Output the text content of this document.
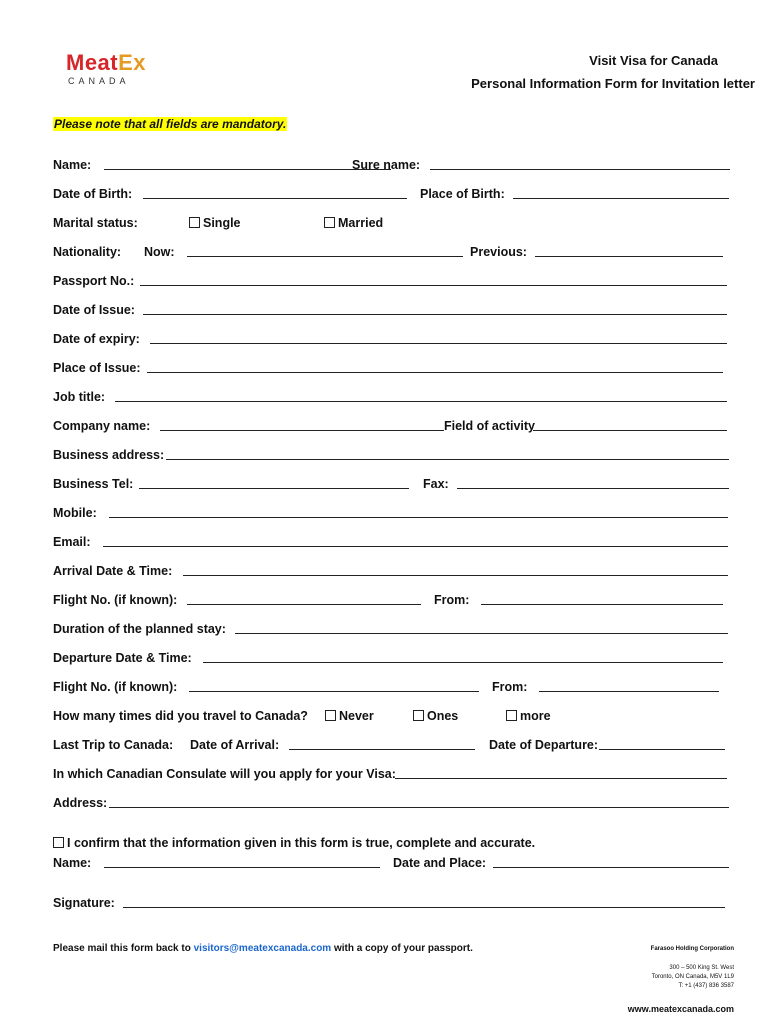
MeatEx
CANADA
Visit Visa for Canada
Personal Information Form for Invitation letter
Please note that all fields are mandatory.
Name:	Sure name:
Date of Birth:	Place of Birth:
Marital status:	Single	Married
Nationality: Now:	Previous:
Passport No.:
Date of Issue:
Date of expiry:
Place of Issue:
Job title:
Company name:	Field of activity
Business address:
Business Tel:	Fax:
Mobile:
Email:
Arrival Date & Time:
Flight No. (if known):	From:
Duration of the planned stay:
Departure Date & Time:
Flight No. (if known):	From:
How many times did you travel to Canada?	Never	Ones	more
Last Trip to Canada: Date of Arrival:	Date of Departure:
In which Canadian Consulate will you apply for your Visa:
Address:
I confirm that the information given in this form is true, complete and accurate.
Name:	Date and Place:
Signature:
Please mail this form back to visitors@meatexcanada.com with a copy of your passport.	Farasoo Holding Corporation
300 – 500 King St. West
Toronto, ON Canada, M5V 1L9
T: +1 (437) 836 3587
www.meatexcanada.com
